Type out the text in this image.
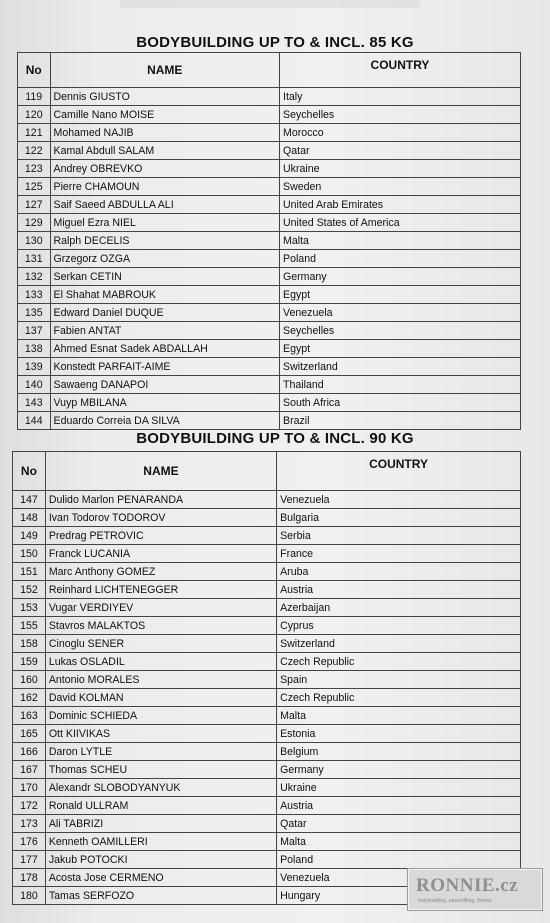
BODYBUILDING UP TO & INCL. 85 KG
No	NAME	COUNTRY
119	Dennis GIUSTO	Italy
120	Camille Nano MOISE	Seychelles
121	Mohamed NAJIB	Morocco
122	Kamal Abdull SALAM	Qatar
123	Andrey OBREVKO	Ukraine
125	Pierre CHAMOUN	Sweden
127	Saif Saeed ABDULLA ALI	United Arab Emirates
129	Miguel Ezra NIEL	United States of America
130	Ralph DECELIS	Malta
131	Grzegorz OZGA	Poland
132	Serkan CETIN	Germany
133	El Shahat MABROUK	Egypt
135	Edward Daniel DUQUE	Venezuela
137	Fabien ANTAT	Seychelles
138	Ahmed Esnat Sadek ABDALLAH	Egypt
139	Konstedt PARFAIT-AIME	Switzerland
140	Sawaeng DANAPOI	Thailand
143	Vuyp MBILANA	South Africa
144	Eduardo Correia DA SILVA	Brazil
BODYBUILDING UP TO & INCL. 90 KG
No	NAME	COUNTRY
147	Dulido Marlon PENARANDA	Venezuela
148	Ivan Todorov TODOROV	Bulgaria
149	Predrag PETROVIC	Serbia
150	Franck LUCANIA	France
151	Marc Anthony GOMEZ	Aruba
152	Reinhard LICHTENEGGER	Austria
153	Vugar VERDIYEV	Azerbaijan
155	Stavros MALAKTOS	Cyprus
158	Cinoglu SENER	Switzerland
159	Lukas OSLADIL	Czech Republic
160	Antonio MORALES	Spain
162	David KOLMAN	Czech Republic
163	Dominic SCHIEDA	Malta
165	Ott KIIVIKAS	Estonia
166	Daron LYTLE	Belgium
167	Thomas SCHEU	Germany
170	Alexandr SLOBODYANYUK	Ukraine
172	Ronald ULLRAM	Austria
173	Ali TABRIZI	Qatar
176	Kenneth OAMILLERI	Malta
177	Jakub POTOCKI	Poland
178	Acosta Jose CERMENO	Venezuela
180	Tamas SERFOZO	Hungary	RONNIE.cz
bodybuilding, powerlifting, fitness
